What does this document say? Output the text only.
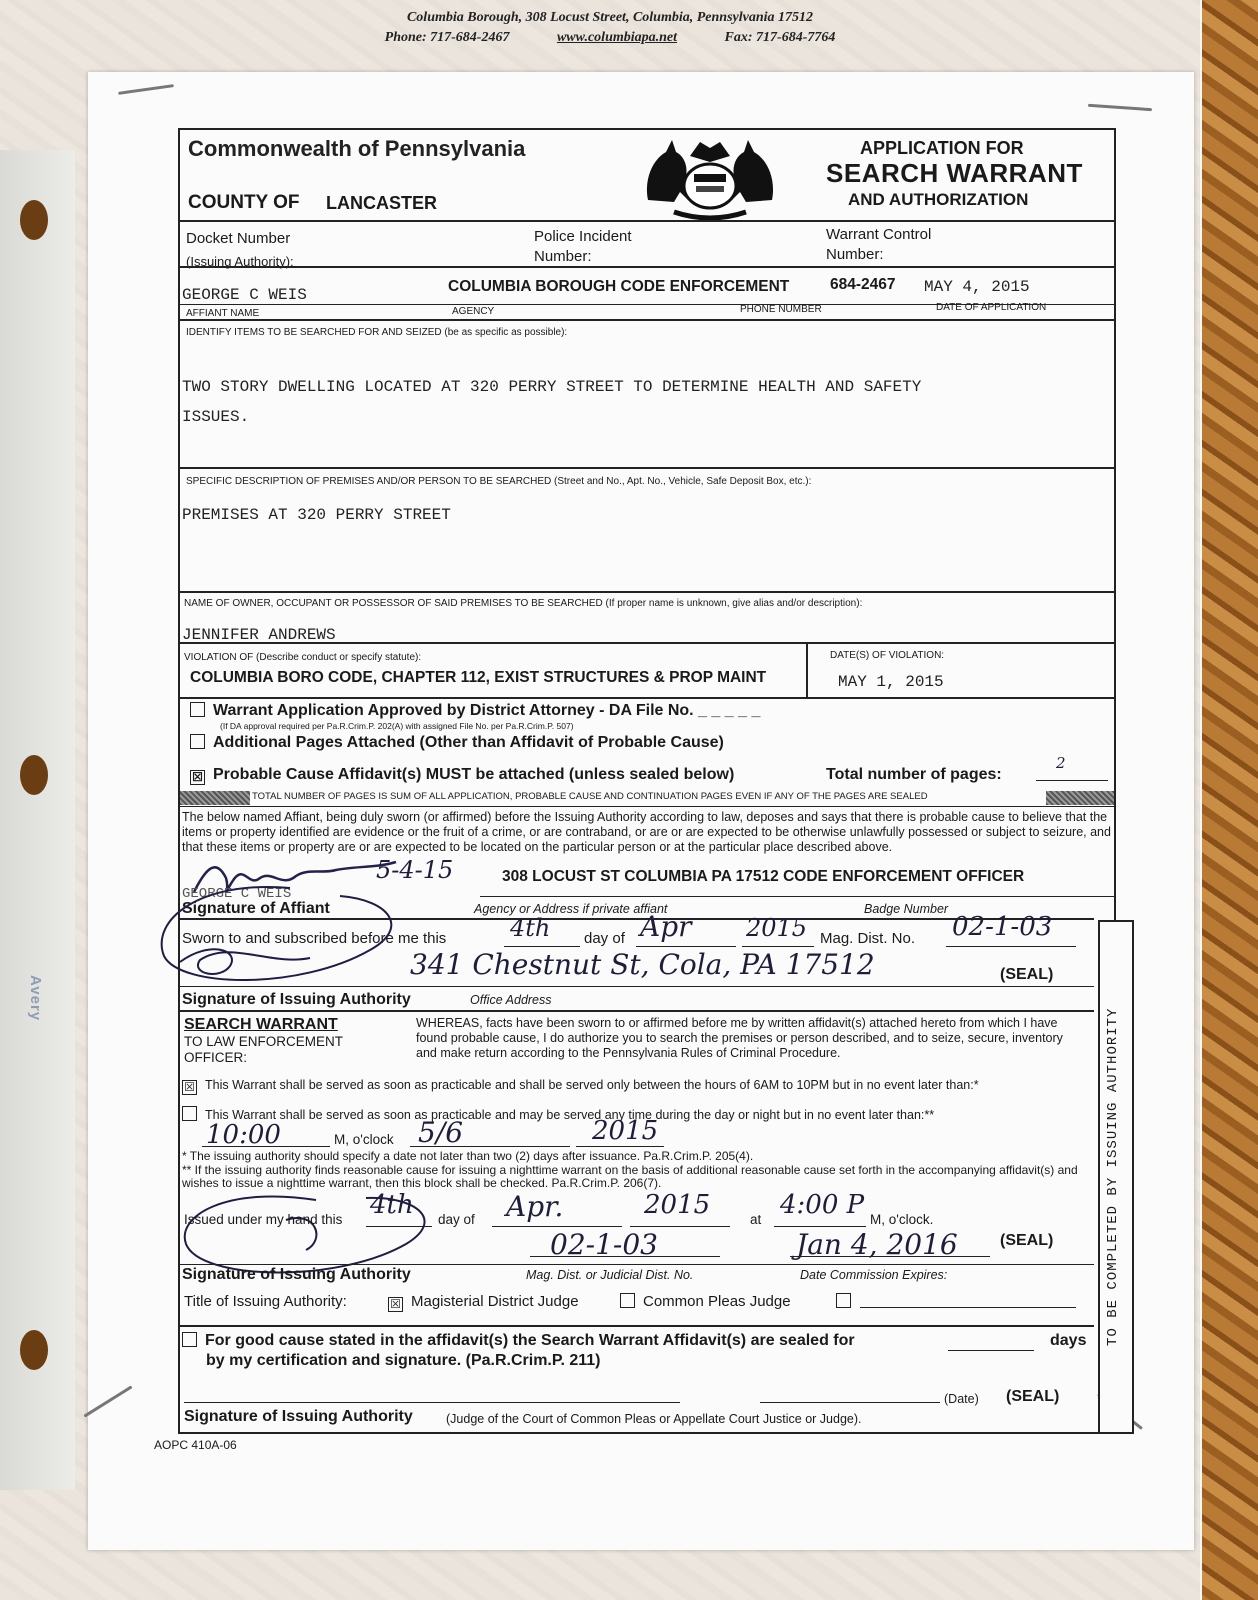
Avery
Columbia Borough, 308 Locust Street, Columbia, Pennsylvania 17512
Phone: 717-684-2467	www.columbiapa.net	Fax: 717-684-7764
Commonwealth of Pennsylvania
COUNTY OF LANCASTER
APPLICATION FOR
SEARCH WARRANT
AND AUTHORIZATION
Docket Number
(Issuing Authority):
Police Incident
Number:
Warrant Control
Number:
GEORGE C WEIS	COLUMBIA BOROUGH CODE ENFORCEMENT	684-2467 MAY 4, 2015
AFFIANT NAME	AGENCY	PHONE NUMBER	DATE OF APPLICATION
IDENTIFY ITEMS TO BE SEARCHED FOR AND SEIZED (be as specific as possible):
TWO STORY DWELLING LOCATED AT 320 PERRY STREET TO DETERMINE HEALTH AND SAFETY
ISSUES.
SPECIFIC DESCRIPTION OF PREMISES AND/OR PERSON TO BE SEARCHED (Street and No., Apt. No., Vehicle, Safe Deposit Box, etc.):
PREMISES AT 320 PERRY STREET
NAME OF OWNER, OCCUPANT OR POSSESSOR OF SAID PREMISES TO BE SEARCHED (If proper name is unknown, give alias and/or description):
JENNIFER ANDREWS
VIOLATION OF (Describe conduct or specify statute):
COLUMBIA BORO CODE, CHAPTER 112, EXIST STRUCTURES & PROP MAINT
DATE(S) OF VIOLATION:
MAY 1, 2015
Warrant Application Approved by District Attorney - DA File No. _ _ _ _ _
(If DA approval required per Pa.R.Crim.P. 202(A) with assigned File No. per Pa.R.Crim.P. 507)
Additional Pages Attached (Other than Affidavit of Probable Cause)
☒ Probable Cause Affidavit(s) MUST be attached (unless sealed below)	Total number of pages:
2
TOTAL NUMBER OF PAGES IS SUM OF ALL APPLICATION, PROBABLE CAUSE AND CONTINUATION PAGES EVEN IF ANY OF THE PAGES ARE SEALED
The below named Affiant, being duly sworn (or affirmed) before the Issuing Authority according to law, deposes and says that there is probable cause to believe that the items or property identified are evidence or the fruit of a crime, or are contraband, or are or are expected to be otherwise unlawfully possessed or subject to seizure, and that these items or property are or are expected to be located on the particular person or at the particular place described above.
5-4-15
GEORGE C WEIS
308 LOCUST ST COLUMBIA PA 17512 CODE ENFORCEMENT OFFICER
Signature of Affiant	Agency or Address if private affiant	Badge Number
Sworn to and subscribed before me this	4th day of Apr 2015 Mag. Dist. No. 02-1-03
341 Chestnut St, Cola, PA 17512	(SEAL)
Signature of Issuing Authority	Office Address
SEARCH WARRANT
TO LAW ENFORCEMENT
OFFICER:
WHEREAS, facts have been sworn to or affirmed before me by written affidavit(s) attached hereto from which I have found probable cause, I do authorize you to search the premises or person described, and to seize, secure, inventory and make return according to the Pennsylvania Rules of Criminal Procedure.
☒ This Warrant shall be served as soon as practicable and shall be served only between the hours of 6AM to 10PM but in no event later than:*
This Warrant shall be served as soon as practicable and may be served any time during the day or night but in no event later than:**
10:00	M, o'clock 5/6	2015
* The issuing authority should specify a date not later than two (2) days after issuance. Pa.R.Crim.P. 205(4).
** If the issuing authority finds reasonable cause for issuing a nighttime warrant on the basis of additional reasonable cause set forth in the accompanying affidavit(s) and wishes to issue a nighttime warrant, then this block shall be checked. Pa.R.Crim.P. 206(7).
Issued under my hand this 4th day of Apr.	2015	at 4:00 P M, o'clock.
02-1-03	Jan 4, 2016	(SEAL)
Signature of Issuing Authority	Mag. Dist. or Judicial Dist. No.	Date Commission Expires:
Title of Issuing Authority:	☒ Magisterial District Judge	Common Pleas Judge
For good cause stated in the affidavit(s) the Search Warrant Affidavit(s) are sealed for	days
by my certification and signature. (Pa.R.Crim.P. 211)
(Date) (SEAL)
Signature of Issuing Authority	(Judge of the Court of Common Pleas or Appellate Court Justice or Judge).
TO BE COMPLETED BY ISSUING AUTHORITY
AOPC 410A-06
